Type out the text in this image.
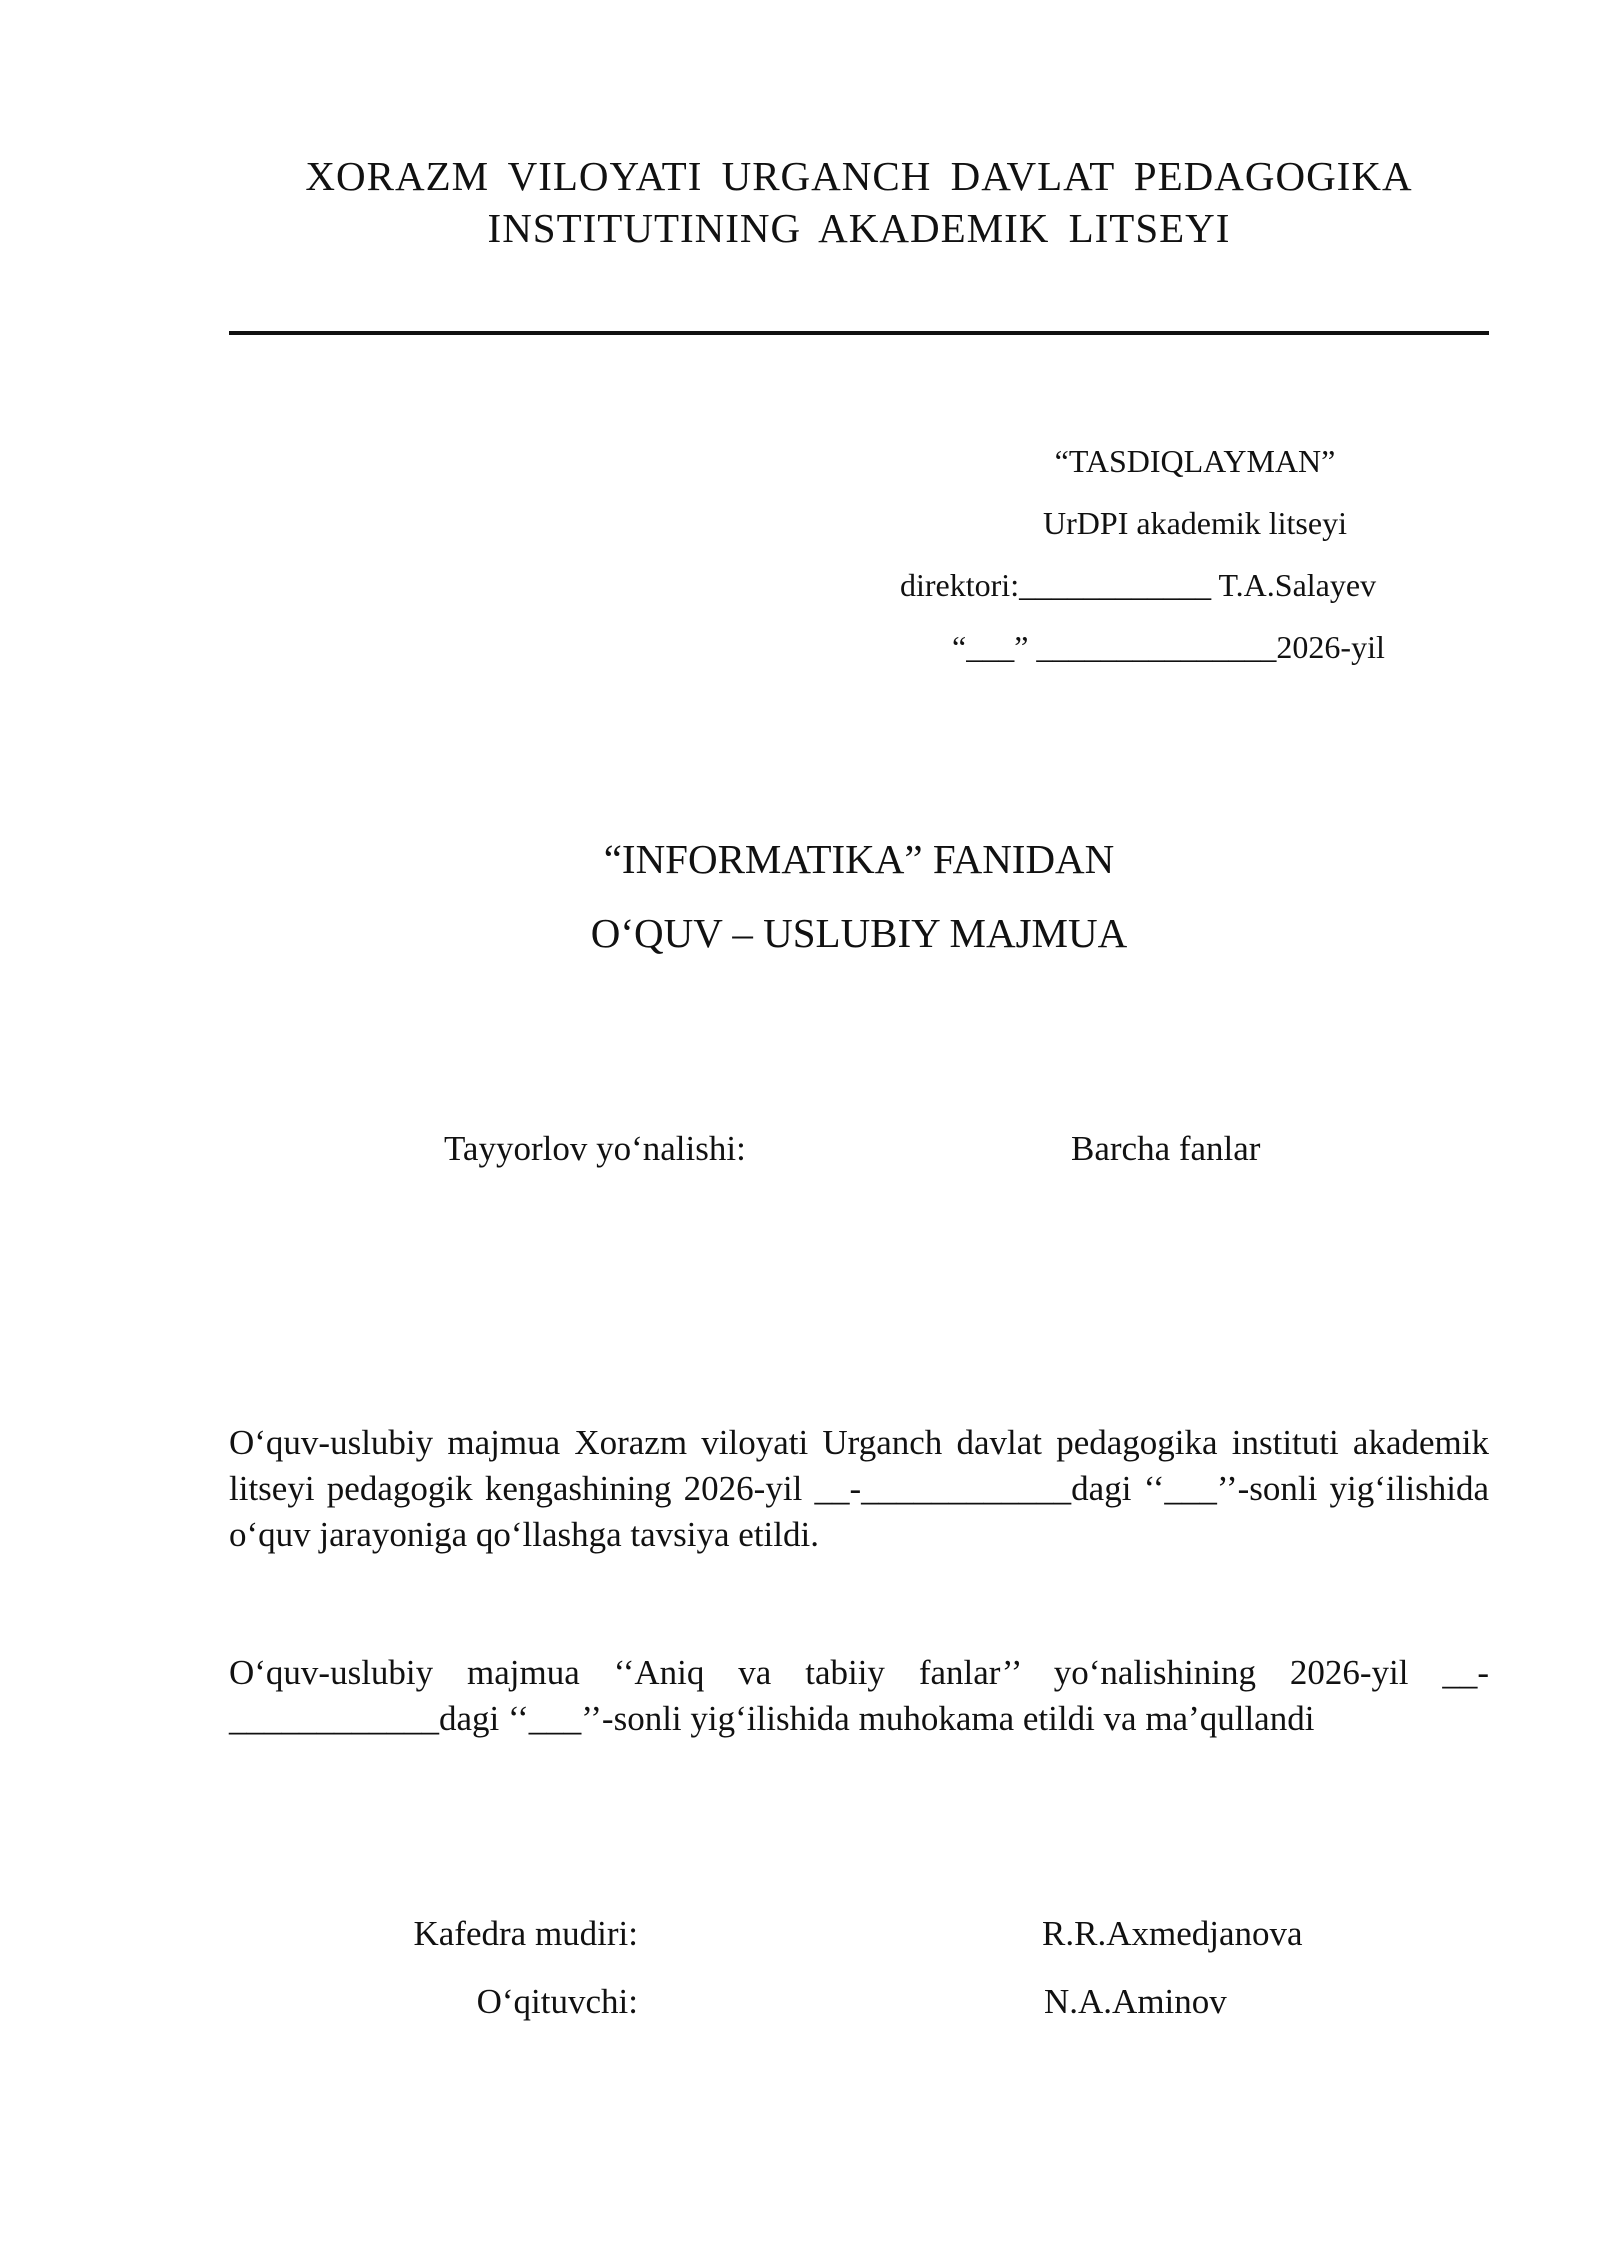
XORAZM VILOYATI URGANCH DAVLAT PEDAGOGIKA
INSTITUTINING AKADEMIK LITSEYI
“TASDIQLAYMAN”
UrDPI akademik litseyi
direktori:____________ T.A.Salayev
“___” _______________2026-yil
“INFORMATIKA” FANIDAN
O‘QUV – USLUBIY MAJMUA
Tayyorlov yo‘nalishi:	Barcha fanlar
O‘quv-uslubiy majmua Xorazm viloyati Urganch davlat pedagogika instituti akademik litseyi pedagogik kengashining 2026-yil __-____________dagi ‘‘___’’-sonli yig‘ilishida o‘quv jarayoniga qo‘llashga tavsiya etildi.
O‘quv-uslubiy majmua ‘‘Aniq va tabiiy fanlar’’ yo‘nalishining 2026-yil __-____________dagi ‘‘___’’-sonli yig‘ilishida muhokama etildi va ma’qullandi
Kafedra mudiri:	R.R.Axmedjanova
O‘qituvchi:	N.A.Aminov
